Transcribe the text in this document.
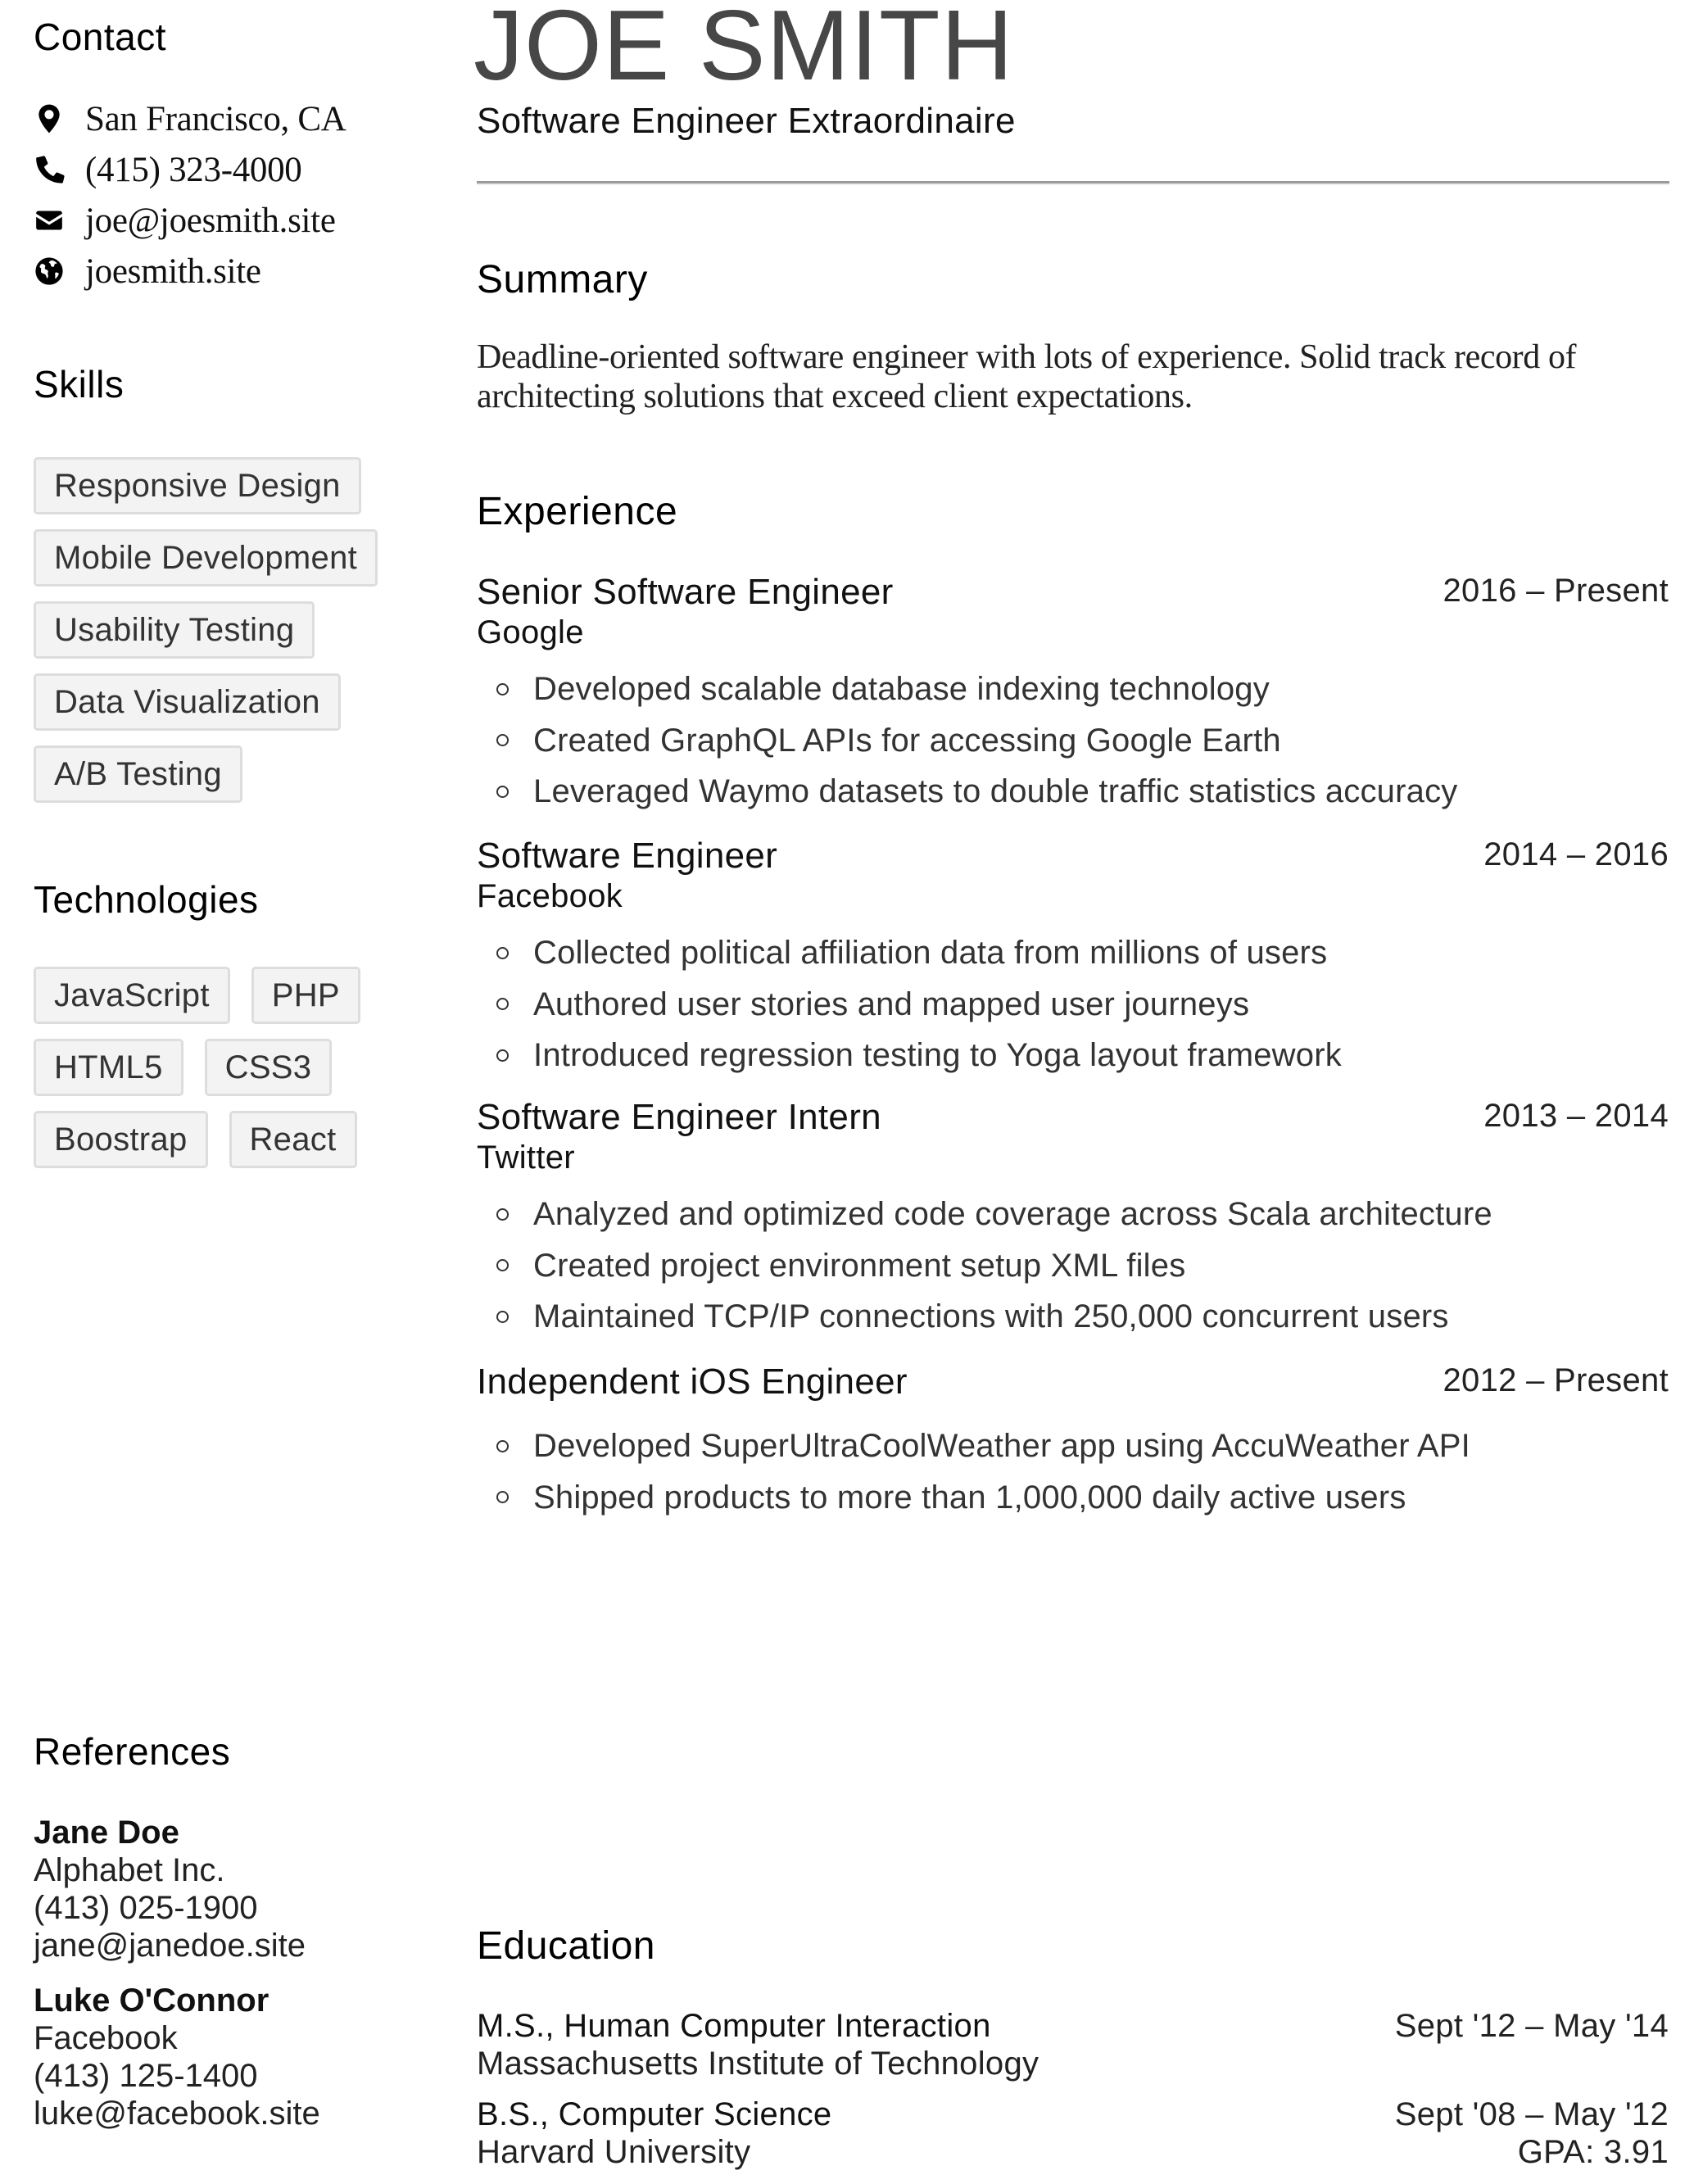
Contact
San Francisco, CA
(415) 323-4000
joe@joesmith.site
joesmith.site
Skills
Responsive Design
Mobile Development
Usability Testing
Data Visualization
A/B Testing
Technologies
JavaScript	PHP
HTML5	CSS3
Boostrap	React
References
Jane Doe
Alphabet Inc.
(413) 025-1900
jane@janedoe.site
Luke O'Connor
Facebook
(413) 125-1400
luke@facebook.site
JOE SMITH
Software Engineer Extraordinaire
Summary

Deadline-oriented software engineer with lots of experience. Solid track record of architecting solutions that exceed client expectations.

Experience
Senior Software Engineer	2016 – Present
Google
Developed scalable database indexing technology
Created GraphQL APIs for accessing Google Earth
Leveraged Waymo datasets to double traffic statistics accuracy
Software Engineer	2014 – 2016
Facebook
Collected political affiliation data from millions of users
Authored user stories and mapped user journeys
Introduced regression testing to Yoga layout framework
Software Engineer Intern	2013 – 2014
Twitter
Analyzed and optimized code coverage across Scala architecture
Created project environment setup XML files
Maintained TCP/IP connections with 250,000 concurrent users
Independent iOS Engineer	2012 – Present
Developed SuperUltraCoolWeather app using AccuWeather API
Shipped products to more than 1,000,000 daily active users
Education
M.S., Human Computer Interaction
Massachusetts Institute of Technology
Sept '12 – May '14
B.S., Computer Science
Harvard University
Sept '08 – May '12
GPA: 3.91
